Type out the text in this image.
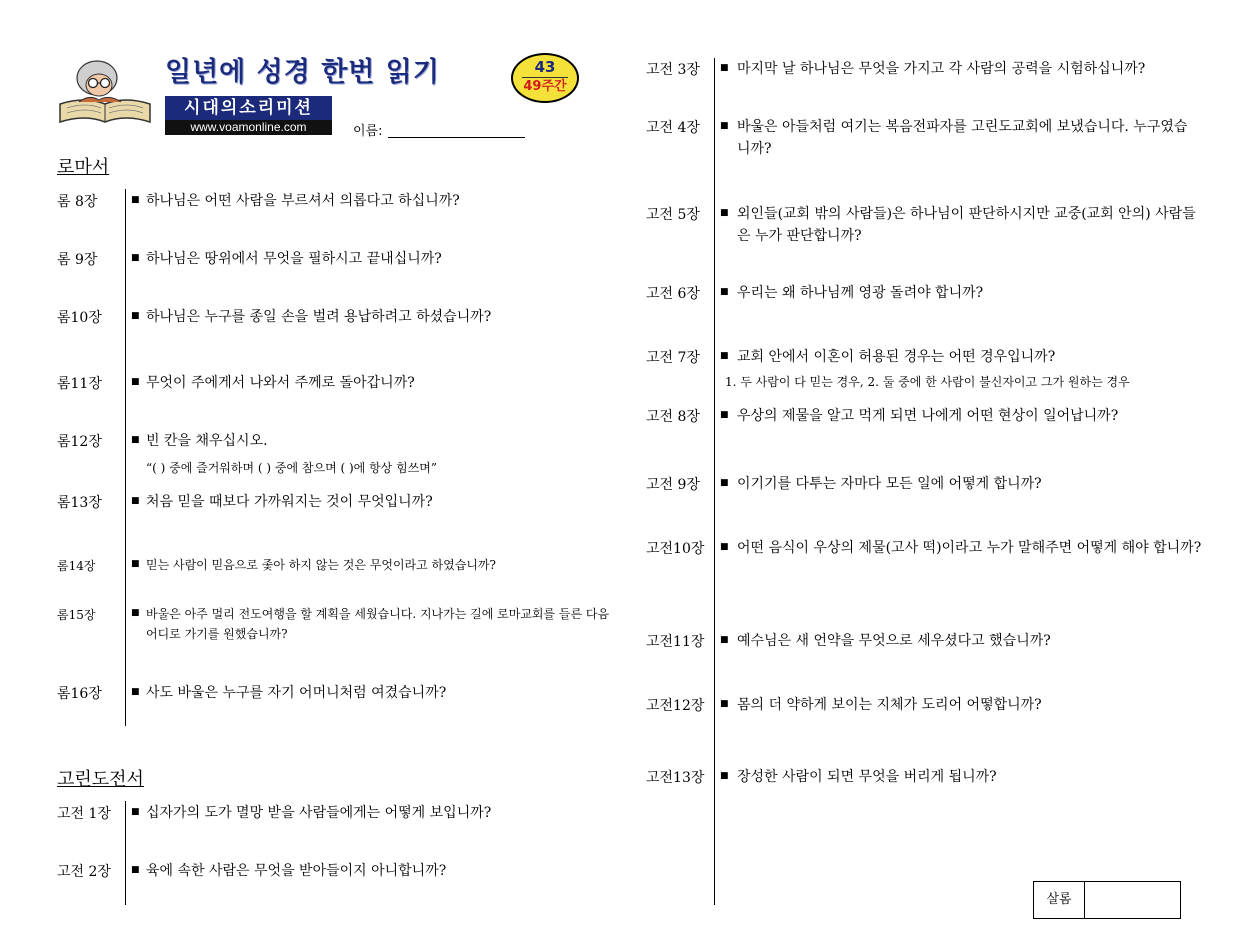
일년에 성경 한번 읽기
시대의소리미션
www.voamonline.com	이름:
43
49주간
로마서
고린도전서
롬 8장	■ 하나님은 어떤 사람을 부르셔서 의롭다고 하십니까?
롬 9장	■ 하나님은 땅위에서 무엇을 필하시고 끝내십니까?
롬10장	■ 하나님은 누구를 종일 손을 벌려 용납하려고 하셨습니까?
롬11장	■ 무엇이 주에게서 나와서 주께로 돌아갑니까?
롬12장	■ 빈 칸을 채우십시오.
“( ) 중에 즐거워하며 ( ) 중에 참으며 ( )에 항상 힘쓰며”
롬13장	■ 처음 믿을 때보다 가까워지는 것이 무엇입니까?
롬14장	■ 믿는 사람이 믿음으로 좇아 하지 않는 것은 무엇이라고 하였습니까?
롬15장	■ 바울은 아주 멀리 전도여행을 할 계획을 세웠습니다. 지나가는 길에 로마교회를 들른 다음 어디로 가기를 원했습니까?
롬16장	■ 사도 바울은 누구를 자기 어머니처럼 여겼습니까?
고전 1장 ■ 십자가의 도가 멸망 받을 사람들에게는 어떻게 보입니까?
고전 2장 ■ 육에 속한 사람은 무엇을 받아들이지 아니합니까?
고전 3장 ■ 마지막 날 하나님은 무엇을 가지고 각 사람의 공력을 시험하십니까?
고전 4장 ■ 바울은 아들처럼 여기는 복음전파자를 고린도교회에 보냈습니다. 누구였습니까?
고전 5장 ■ 외인들(교회 밖의 사람들)은 하나님이 판단하시지만 교중(교회 안의) 사람들은 누가 판단합니까?
고전 6장 ■ 우리는 왜 하나님께 영광 돌려야 합니까?
고전 7장 ■ 교회 안에서 이혼이 허용된 경우는 어떤 경우입니까?
1. 두 사람이 다 믿는 경우, 2. 둘 중에 한 사람이 불신자이고 그가 원하는 경우
고전 8장 ■ 우상의 제물을 알고 먹게 되면 나에게 어떤 현상이 일어납니까?
고전 9장 ■ 이기기를 다투는 자마다 모든 일에 어떻게 합니까?
고전10장 ■ 어떤 음식이 우상의 제물(고사 떡)이라고 누가 말해주면 어떻게 해야 합니까?
고전11장 ■ 예수님은 새 언약을 무엇으로 세우셨다고 했습니까?
고전12장 ■ 몸의 더 약하게 보이는 지체가 도리어 어떻합니까?
고전13장 ■ 장성한 사람이 되면 무엇을 버리게 됩니까?
살롬
